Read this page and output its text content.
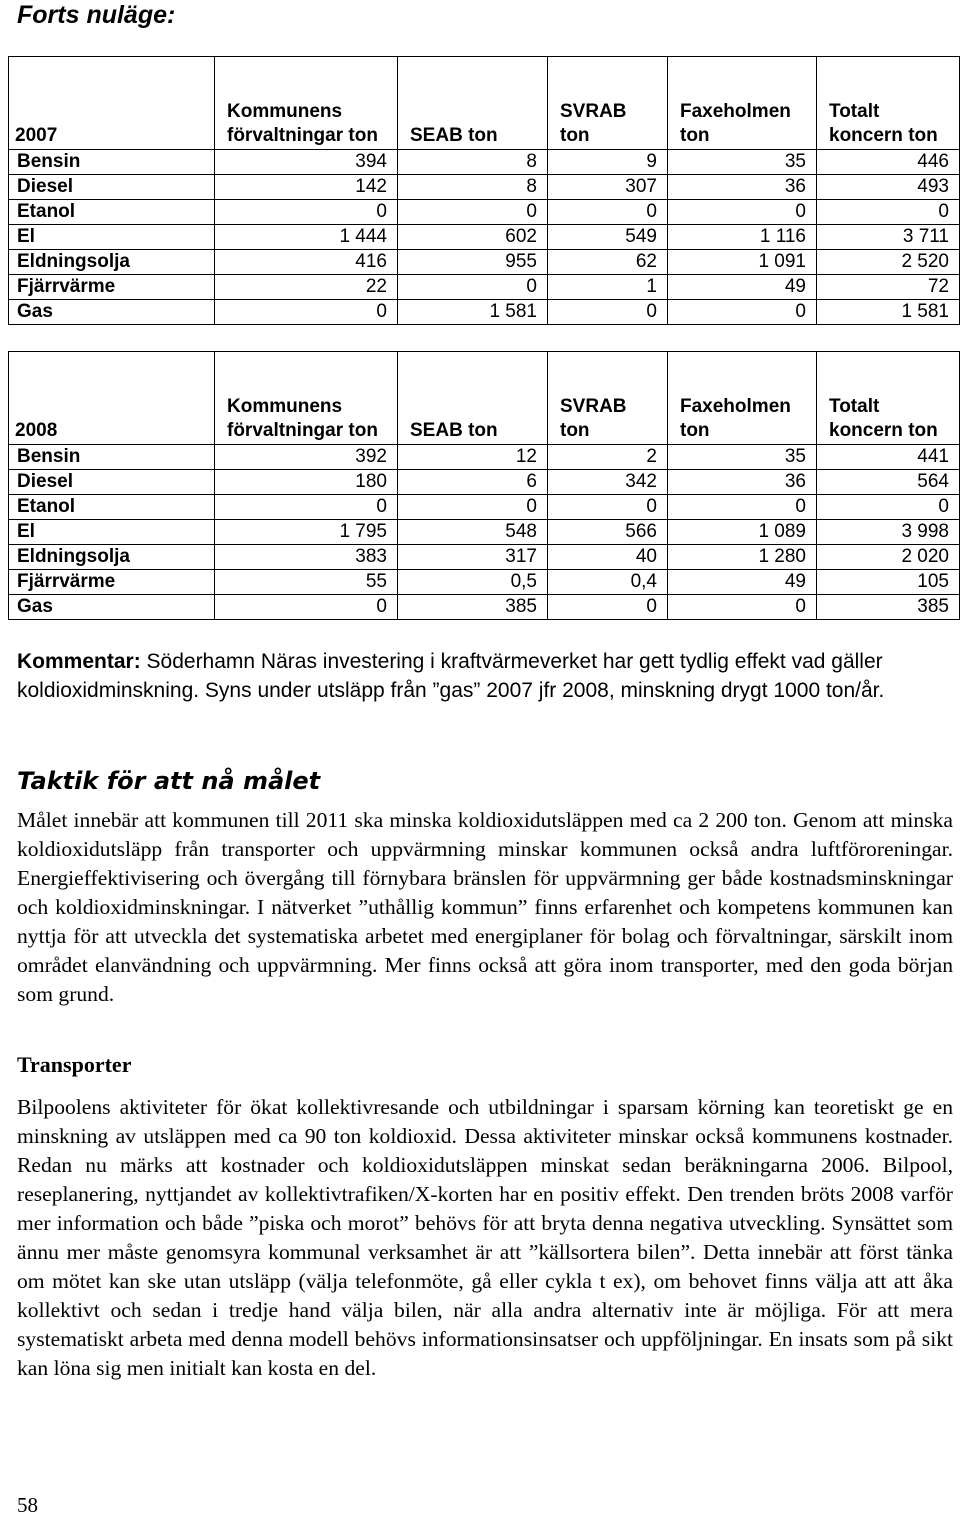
Forts nuläge:
2007	Kommunens förvaltningar ton	SEAB ton	SVRAB ton	Faxeholmen ton	Totalt koncern ton
Bensin	394	8	9	35	446
Diesel	142	8	307	36	493
Etanol	0	0	0	0	0
El	1 444	602	549	1 116	3 711
Eldningsolja	416	955	62	1 091	2 520
Fjärrvärme	22	0	1	49	72
Gas	0	1 581	0	0	1 581
2008	Kommunens förvaltningar ton	SEAB ton	SVRAB ton	Faxeholmen ton	Totalt koncern ton
Bensin	392	12	2	35	441
Diesel	180	6	342	36	564
Etanol	0	0	0	0	0
El	1 795	548	566	1 089	3 998
Eldningsolja	383	317	40	1 280	2 020
Fjärrvärme	55	0,5	0,4	49	105
Gas	0	385	0	0	385
Kommentar: Söderhamn Näras investering i kraftvärmeverket har gett tydlig effekt vad gäller koldioxidminskning. Syns under utsläpp från ”gas” 2007 jfr 2008, minskning drygt 1000 ton/år.
Taktik för att nå målet

Målet innebär att kommunen till 2011 ska minska koldioxidutsläppen med ca 2 200 ton. Genom att minska koldioxidutsläpp från transporter och uppvärmning minskar kommunen också andra luftföroreningar. Energieffektivisering och övergång till förnybara bränslen för uppvärmning ger både kostnadsminskningar och koldioxidminskningar. I nätverket ”uthållig kommun” finns erfarenhet och kompetens kommunen kan nyttja för att utveckla det systematiska arbetet med energiplaner för bolag och förvaltningar, särskilt inom området elanvändning och uppvärmning. Mer finns också att göra inom transporter, med den goda början som grund.

Transporter

Bilpoolens aktiviteter för ökat kollektivresande och utbildningar i sparsam körning kan teoretiskt ge en minskning av utsläppen med ca 90 ton koldioxid. Dessa aktiviteter minskar också kommunens kostnader. Redan nu märks att kostnader och koldioxidutsläppen minskat sedan beräkningarna 2006. Bilpool, reseplanering, nyttjandet av kollektivtrafiken/X-korten har en positiv effekt. Den trenden bröts 2008 varför mer information och både ”piska och morot” behövs för att bryta denna negativa utveckling. Synsättet som ännu mer måste genomsyra kommunal verksamhet är att ”källsortera bilen”. Detta innebär att först tänka om mötet kan ske utan utsläpp (välja telefonmöte, gå eller cykla t ex), om behovet finns välja att att åka kollektivt och sedan i tredje hand välja bilen, när alla andra alternativ inte är möjliga. För att mera systematiskt arbeta med denna modell behövs informationsinsatser och uppföljningar. En insats som på sikt kan löna sig men initialt kan kosta en del.

58
